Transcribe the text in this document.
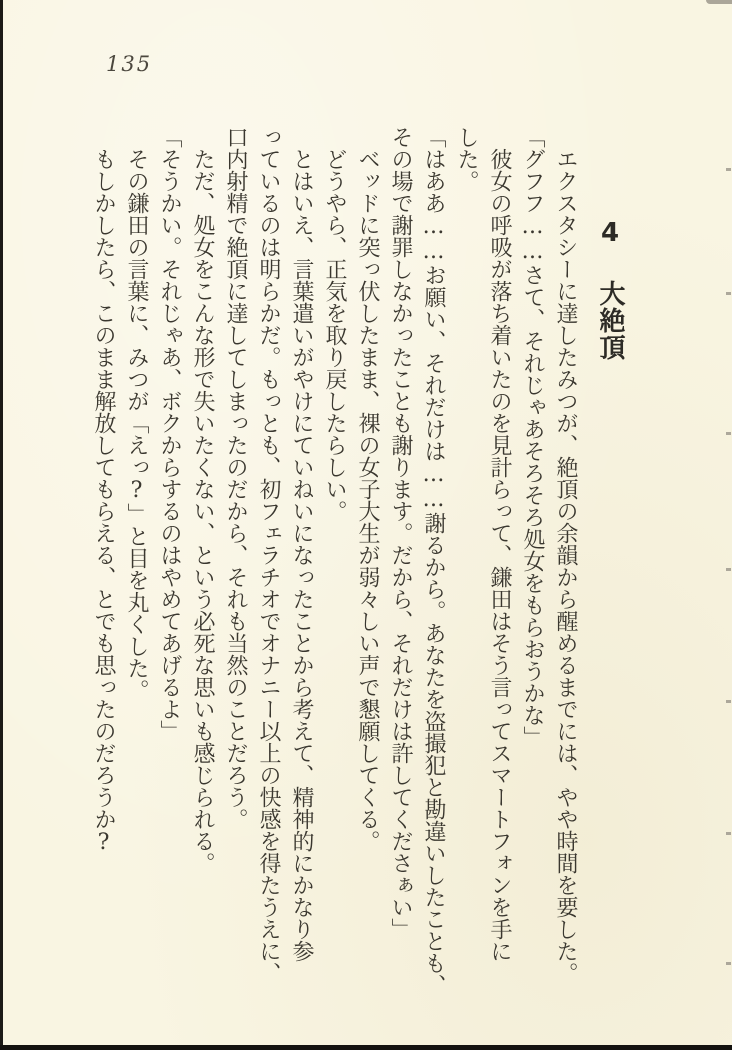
135
4 大絶頂

エクスタシーに達したみつが、絶頂の余韻から醒めるまでには、やや時間を要した。

「グフフ……さて、それじゃあそろそろ処女をもらおうかな」

彼女の呼吸が落ち着いたのを見計らって、鎌田はそう言ってスマートフォンを手に

した。

「はああ……お願い、それだけは……謝るから。あなたを盗撮犯と勘違いしたことも、

その場で謝罪しなかったことも謝ります。だから、それだけは許してくださぁい」

ベッドに突っ伏したまま、裸の女子大生が弱々しい声で懇願してくる。

どうやら、正気を取り戻したらしい。

とはいえ、言葉遣いがやけにていねいになったことから考えて、精神的にかなり参

っているのは明らかだ。もっとも、初フェラチオでオナニー以上の快感を得たうえに、

口内射精で絶頂に達してしまったのだから、それも当然のことだろう。

ただ、処女をこんな形で失いたくない、という必死な思いも感じられる。

「そうかい。それじゃあ、ボクからするのはやめてあげるよ」

その鎌田の言葉に、みつが「えっ?」と目を丸くした。

もしかしたら、このまま解放してもらえる、とでも思ったのだろうか?
